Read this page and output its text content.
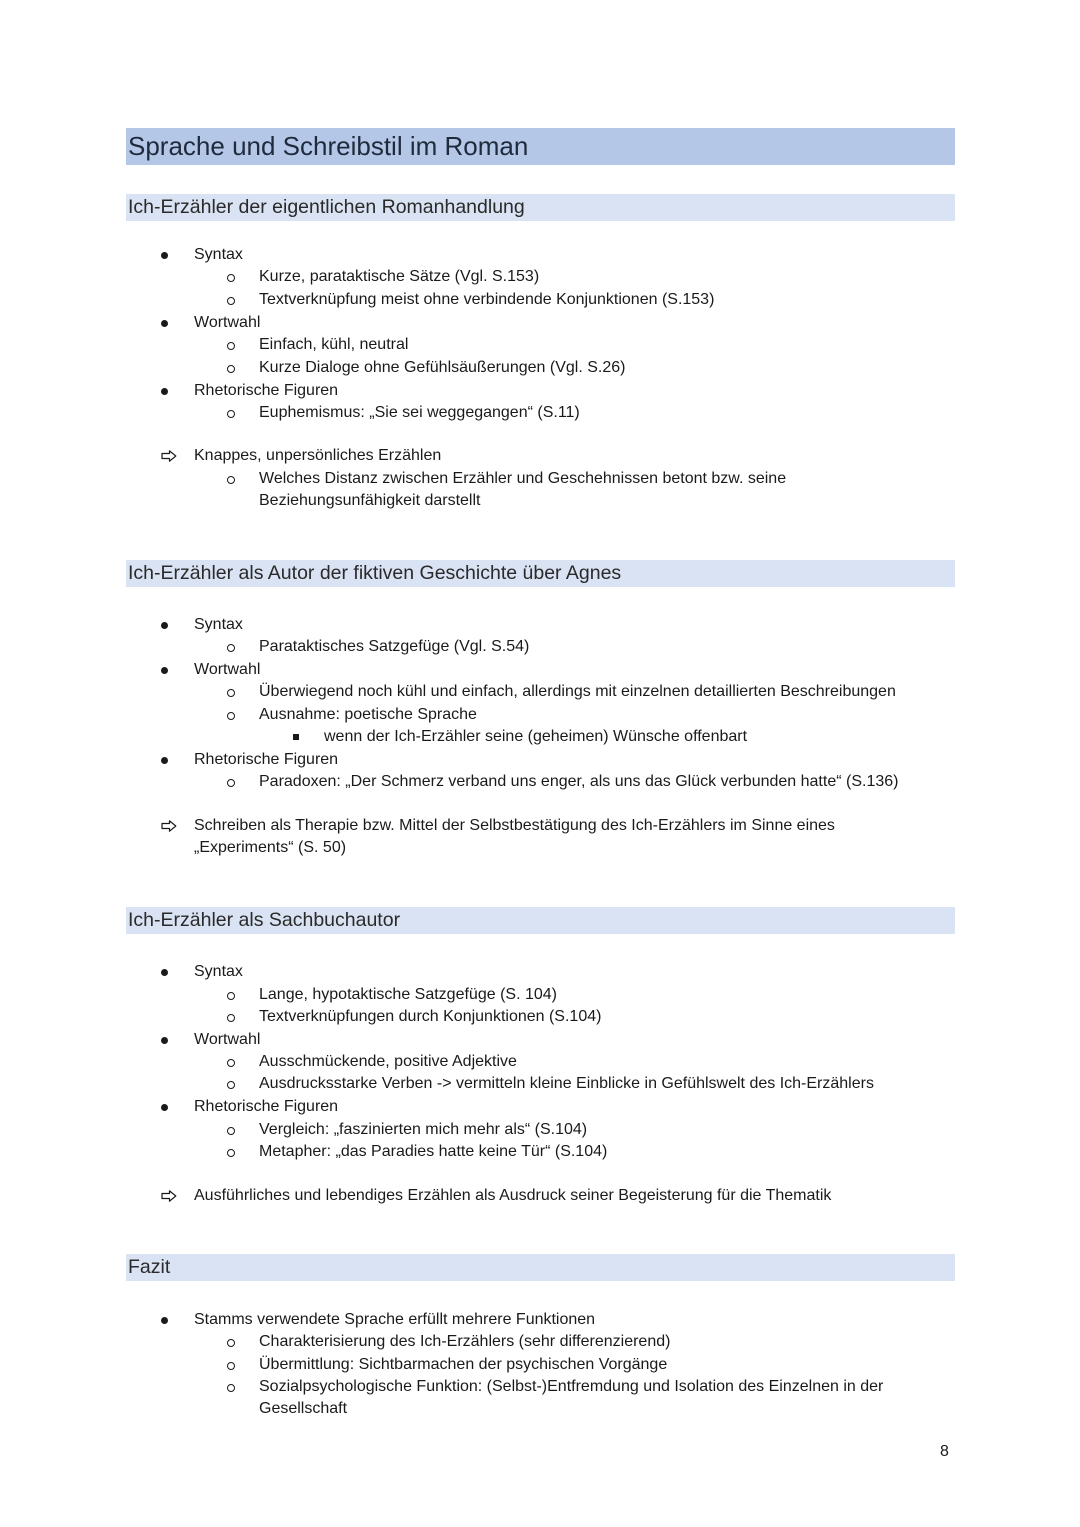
Sprache und Schreibstil im Roman
Ich-Erzähler der eigentlichen Romanhandlung
Syntax
Kurze, parataktische Sätze (Vgl. S.153)
Textverknüpfung meist ohne verbindende Konjunktionen (S.153)
Wortwahl
Einfach, kühl, neutral
Kurze Dialoge ohne Gefühlsäußerungen (Vgl. S.26)
Rhetorische Figuren
Euphemismus: „Sie sei weggegangen“ (S.11)
Knappes, unpersönliches Erzählen
Welches Distanz zwischen Erzähler und Geschehnissen betont bzw. seine
Beziehungsunfähigkeit darstellt
Ich-Erzähler als Autor der fiktiven Geschichte über Agnes
Syntax
Parataktisches Satzgefüge (Vgl. S.54)
Wortwahl
Überwiegend noch kühl und einfach, allerdings mit einzelnen detaillierten Beschreibungen
Ausnahme: poetische Sprache
wenn der Ich-Erzähler seine (geheimen) Wünsche offenbart
Rhetorische Figuren
Paradoxen: „Der Schmerz verband uns enger, als uns das Glück verbunden hatte“ (S.136)
Schreiben als Therapie bzw. Mittel der Selbstbestätigung des Ich-Erzählers im Sinne eines
„Experiments“ (S. 50)
Ich-Erzähler als Sachbuchautor
Syntax
Lange, hypotaktische Satzgefüge (S. 104)
Textverknüpfungen durch Konjunktionen (S.104)
Wortwahl
Ausschmückende, positive Adjektive
Ausdrucksstarke Verben -> vermitteln kleine Einblicke in Gefühlswelt des Ich-Erzählers
Rhetorische Figuren
Vergleich: „faszinierten mich mehr als“ (S.104)
Metapher: „das Paradies hatte keine Tür“ (S.104)
Ausführliches und lebendiges Erzählen als Ausdruck seiner Begeisterung für die Thematik
Fazit
Stamms verwendete Sprache erfüllt mehrere Funktionen
Charakterisierung des Ich-Erzählers (sehr differenzierend)
Übermittlung: Sichtbarmachen der psychischen Vorgänge
Sozialpsychologische Funktion: (Selbst-)Entfremdung und Isolation des Einzelnen in der
Gesellschaft
8
